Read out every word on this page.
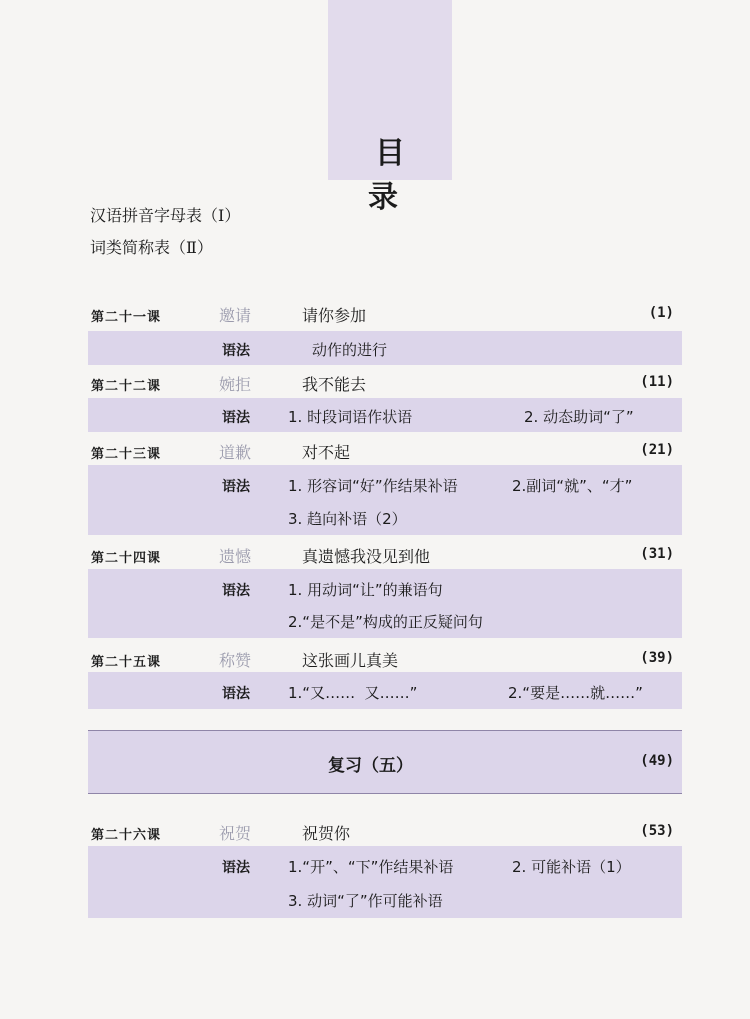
目 录
汉语拼音字母表（Ⅰ）
词类简称表（Ⅱ）
第二十一课	邀请	请你参加	(1)
语法	动作的进行
第二十二课	婉拒	我不能去	(11)
语法	1. 时段词语作状语	2. 动态助词“了”
第二十三课	道歉	对不起	(21)
语法	1. 形容词“好”作结果补语	2.副词“就”、“才”
3. 趋向补语（2）
第二十四课	遗憾	真遗憾我没见到他	(31)
语法	1. 用动词“让”的兼语句
2.“是不是”构成的正反疑问句
第二十五课	称赞	这张画儿真美	(39)
语法	1.“又……  又……”	2.“要是……就……”
复习（五）	(49)
第二十六课	祝贺	祝贺你	(53)
语法	1.“开”、“下”作结果补语	2. 可能补语（1）
3. 动词“了”作可能补语
